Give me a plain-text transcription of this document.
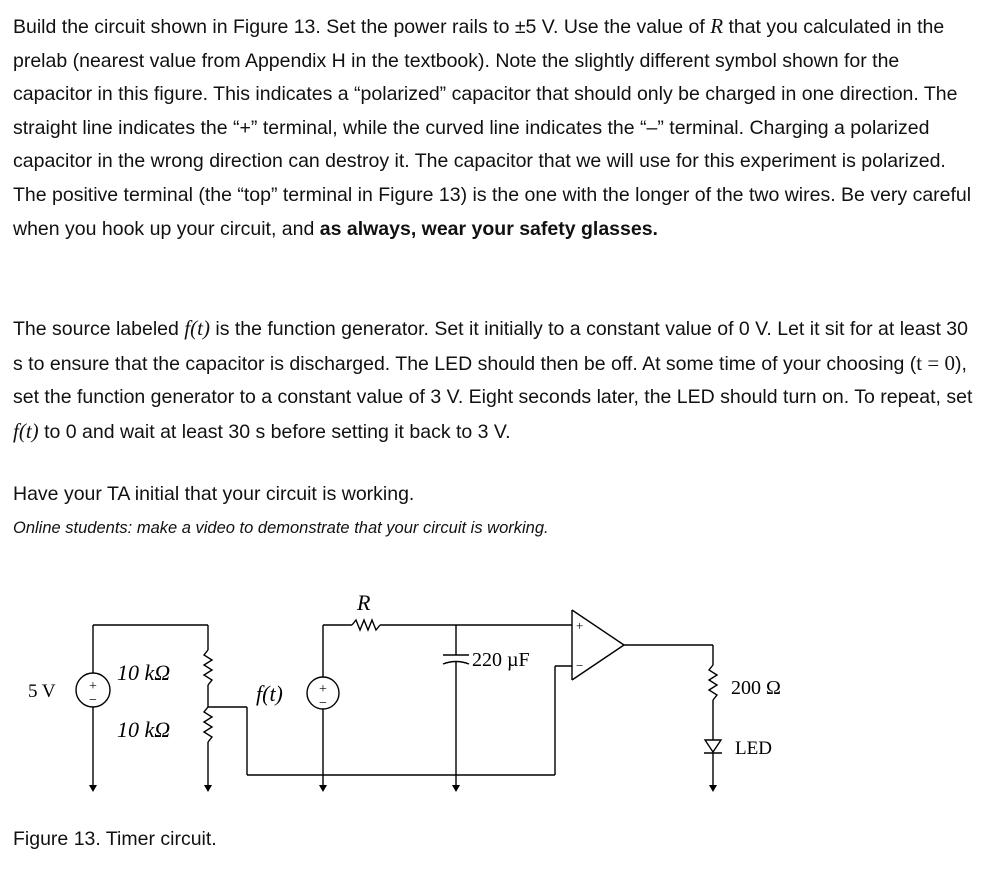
Build the circuit shown in Figure 13. Set the power rails to ±5 V. Use the value of R that you calculated in the prelab (nearest value from Appendix H in the textbook). Note the slightly different symbol shown for the capacitor in this figure. This indicates a “polarized” capacitor that should only be charged in one direction. The straight line indicates the “+” terminal, while the curved line indicates the “–” terminal. Charging a polarized capacitor in the wrong direction can destroy it. The capacitor that we will use for this experiment is polarized. The positive terminal (the “top” terminal in Figure 13) is the one with the longer of the two wires. Be very careful when you hook up your circuit, and as always, wear your safety glasses.

The source labeled f(t) is the function generator. Set it initially to a constant value of 0 V. Let it sit for at least 30 s to ensure that the capacitor is discharged. The LED should then be off. At some time of your choosing (t = 0), set the function generator to a constant value of 3 V. Eight seconds later, the LED should turn on. To repeat, set f(t) to 0 and wait at least 30 s before setting it back to 3 V.

Have your TA initial that your circuit is working.

Online students: make a video to demonstrate that your circuit is working.

+
−
5 V
10 kΩ
10 kΩ
+
−
f(t)
R
220 µF
+
−
200 Ω
LED

Figure 13. Timer circuit.
